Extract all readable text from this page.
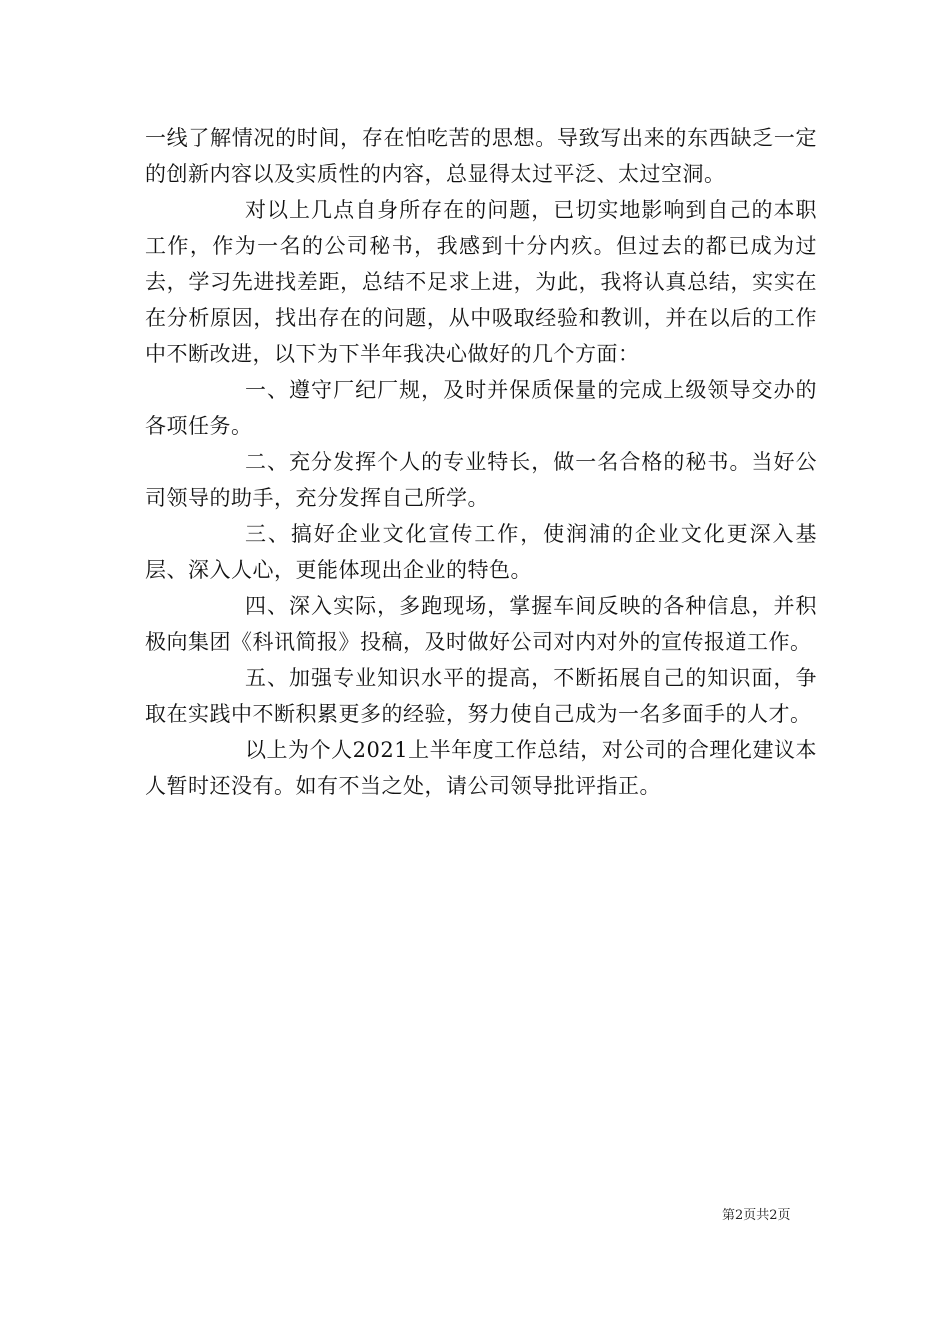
一线了解情况的时间，存在怕吃苦的思想。导致写出来的东西缺乏一定的创新内容以及实质性的内容，总显得太过平泛、太过空洞。

对以上几点自身所存在的问题，已切实地影响到自己的本职工作，作为一名的公司秘书，我感到十分内疚。但过去的都已成为过去，学习先进找差距，总结不足求上进，为此，我将认真总结，实实在在分析原因，找出存在的问题，从中吸取经验和教训，并在以后的工作中不断改进，以下为下半年我决心做好的几个方面：

一、遵守厂纪厂规，及时并保质保量的完成上级领导交办的各项任务。

二、充分发挥个人的专业特长，做一名合格的秘书。当好公司领导的助手，充分发挥自己所学。

三、搞好企业文化宣传工作，使润浦的企业文化更深入基层、深入人心，更能体现出企业的特色。

四、深入实际，多跑现场，掌握车间反映的各种信息，并积极向集团《科讯简报》投稿，及时做好公司对内对外的宣传报道工作。

五、加强专业知识水平的提高，不断拓展自己的知识面，争取在实践中不断积累更多的经验，努力使自己成为一名多面手的人才。

以上为个人2021上半年度工作总结，对公司的合理化建议本人暂时还没有。如有不当之处，请公司领导批评指正。

第2页共2页
